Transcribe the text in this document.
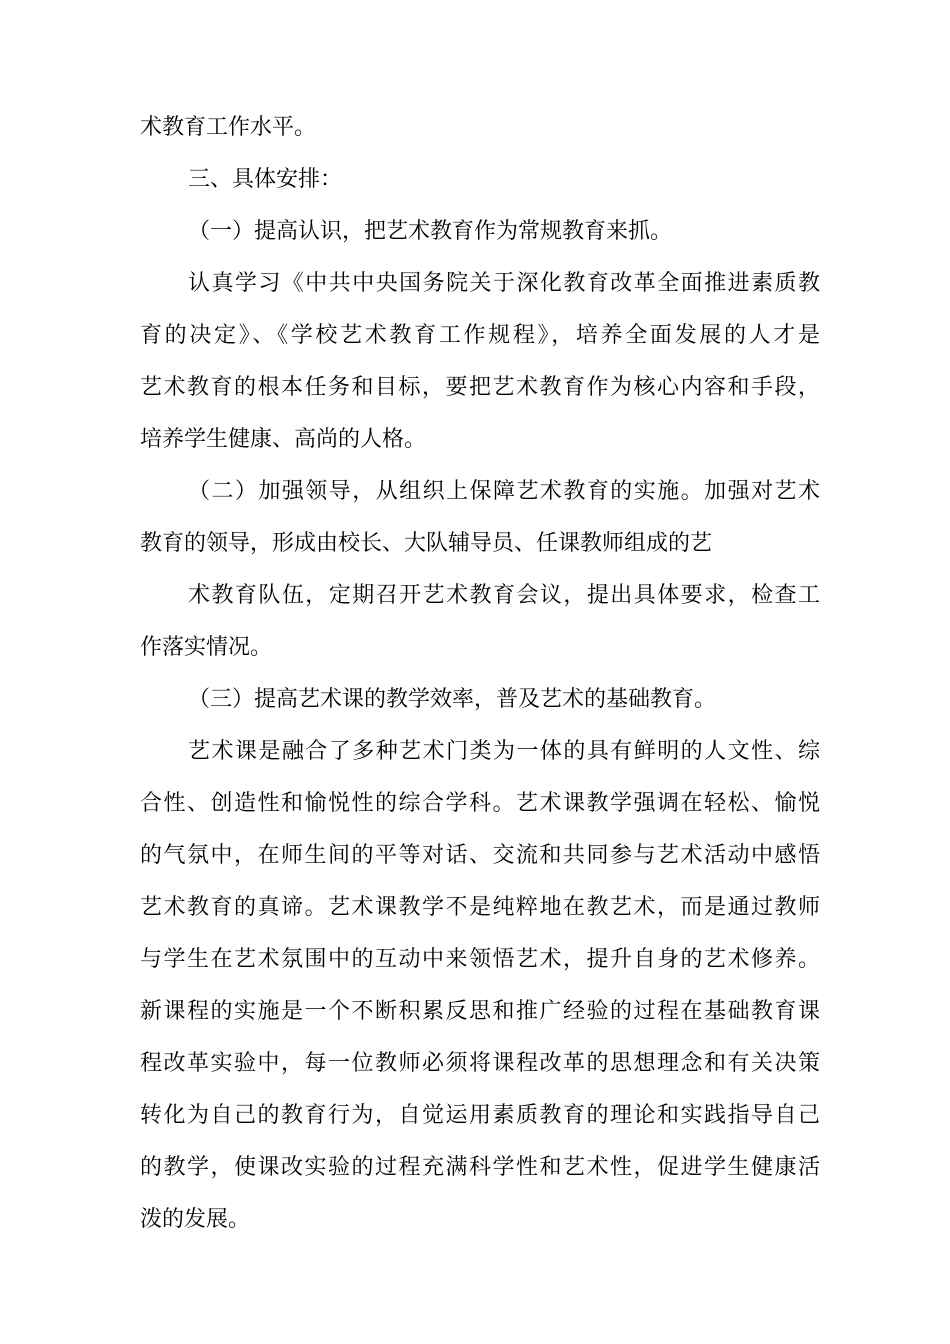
术教育工作水平。
三、具体安排：
（一）提高认识，把艺术教育作为常规教育来抓。
认真学习《中共中央国务院关于深化教育改革全面推进素质教
育的决定》、《学校艺术教育工作规程》，培养全面发展的人才是
艺术教育的根本任务和目标，要把艺术教育作为核心内容和手段，
培养学生健康、高尚的人格。
（二）加强领导，从组织上保障艺术教育的实施。加强对艺术
教育的领导，形成由校长、大队辅导员、任课教师组成的艺
术教育队伍，定期召开艺术教育会议，提出具体要求，检查工
作落实情况。
（三）提高艺术课的教学效率，普及艺术的基础教育。
艺术课是融合了多种艺术门类为一体的具有鲜明的人文性、综
合性、创造性和愉悦性的综合学科。艺术课教学强调在轻松、愉悦
的气氛中，在师生间的平等对话、交流和共同参与艺术活动中感悟
艺术教育的真谛。艺术课教学不是纯粹地在教艺术，而是通过教师
与学生在艺术氛围中的互动中来领悟艺术，提升自身的艺术修养。
新课程的实施是一个不断积累反思和推广经验的过程在基础教育课
程改革实验中，每一位教师必须将课程改革的思想理念和有关决策
转化为自己的教育行为，自觉运用素质教育的理论和实践指导自己
的教学，使课改实验的过程充满科学性和艺术性，促进学生健康活
泼的发展。
